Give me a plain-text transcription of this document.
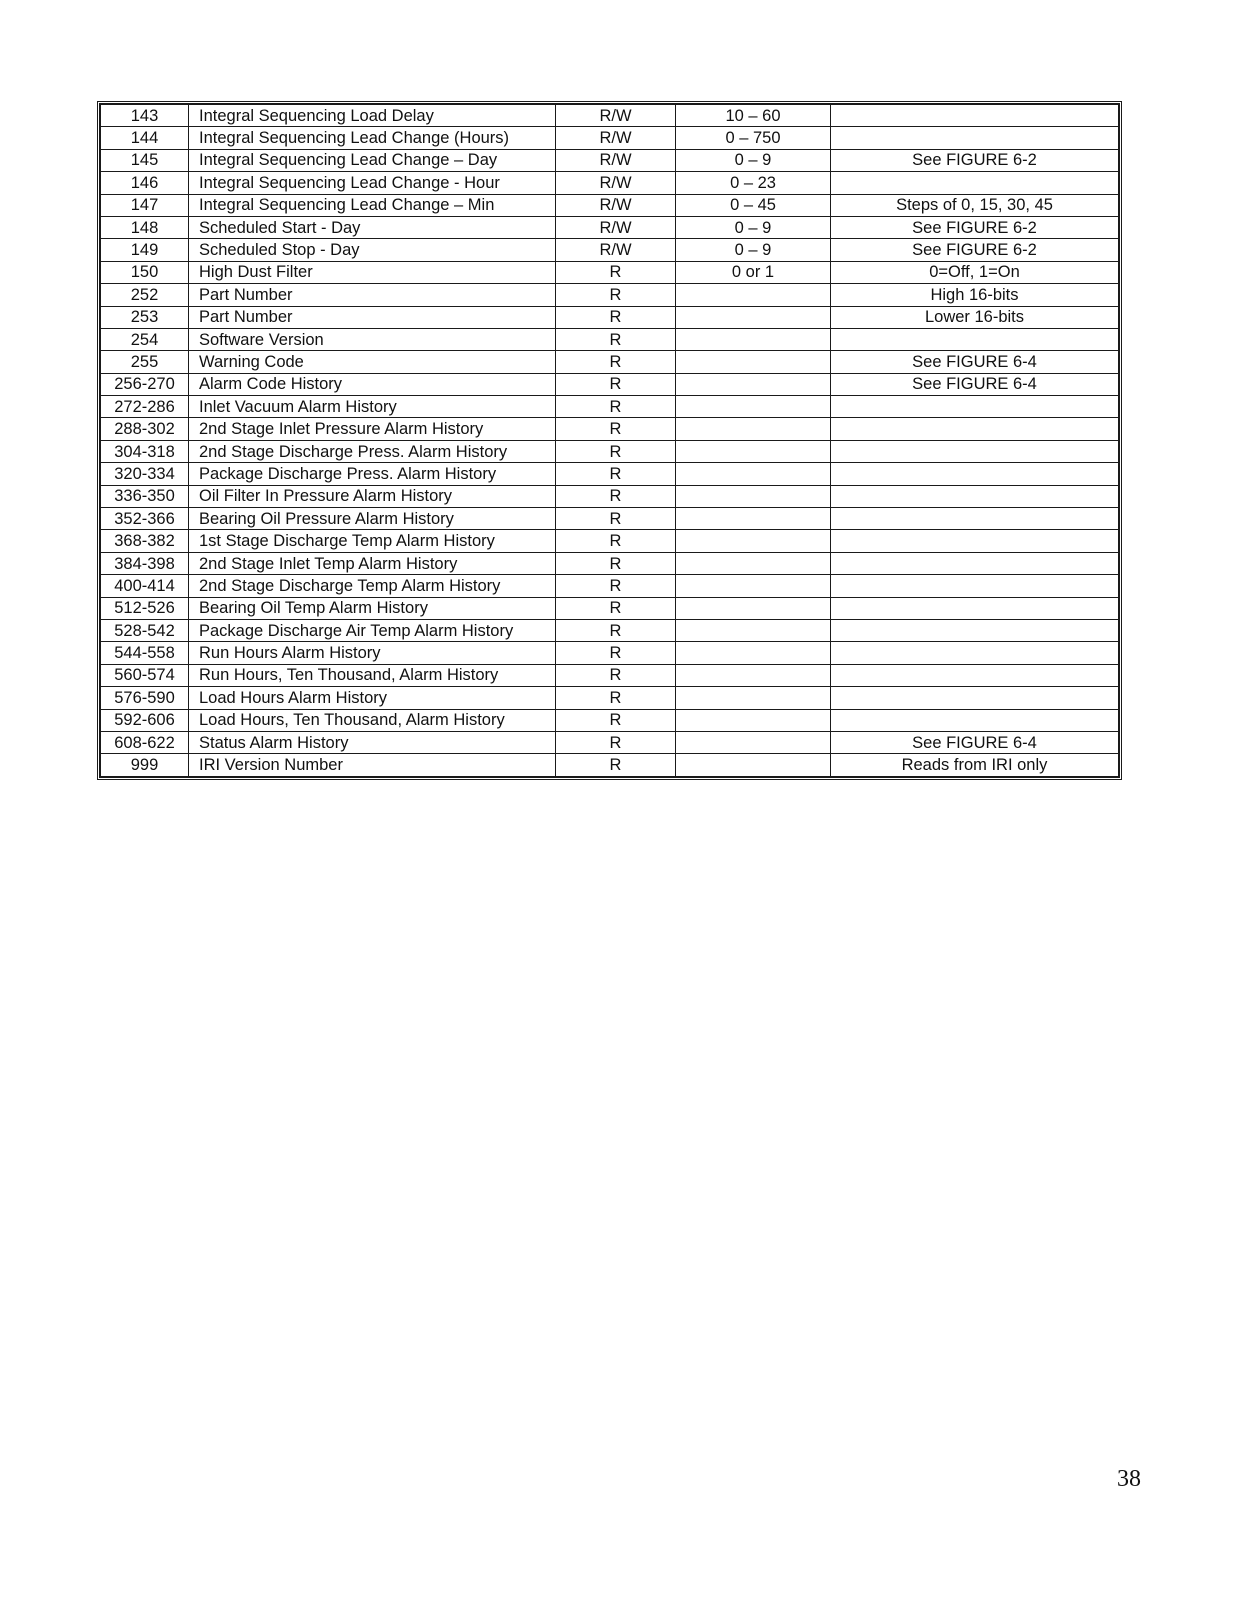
143	Integral Sequencing Load Delay	R/W	10 – 60	
144	Integral Sequencing Lead Change (Hours)	R/W	0 – 750	
145	Integral Sequencing Lead Change – Day	R/W	0 – 9	See FIGURE 6-2
146	Integral Sequencing Lead Change - Hour	R/W	0 – 23	
147	Integral Sequencing Lead Change – Min	R/W	0 – 45	Steps of 0, 15, 30, 45
148	Scheduled Start - Day	R/W	0 – 9	See FIGURE 6-2
149	Scheduled Stop - Day	R/W	0 – 9	See FIGURE 6-2
150	High Dust Filter	R	0 or 1	0=Off, 1=On
252	Part Number	R		High 16-bits
253	Part Number	R		Lower 16-bits
254	Software Version	R		
255	Warning Code	R		See FIGURE 6-4
256-270	Alarm Code History	R		See FIGURE 6-4
272-286	Inlet Vacuum Alarm History	R		
288-302	2nd Stage Inlet Pressure Alarm History	R		
304-318	2nd Stage Discharge Press. Alarm History	R		
320-334	Package Discharge Press. Alarm History	R		
336-350	Oil Filter In Pressure Alarm History	R		
352-366	Bearing Oil Pressure Alarm History	R		
368-382	1st Stage Discharge Temp Alarm History	R		
384-398	2nd Stage Inlet Temp Alarm History	R		
400-414	2nd Stage Discharge Temp Alarm History	R		
512-526	Bearing Oil Temp Alarm History	R		
528-542	Package Discharge Air Temp Alarm History	R		
544-558	Run Hours Alarm History	R		
560-574	Run Hours, Ten Thousand, Alarm History	R		
576-590	Load Hours Alarm History	R		
592-606	Load Hours, Ten Thousand, Alarm History	R		
608-622	Status Alarm History	R		See FIGURE 6-4
999	IRI Version Number	R		Reads from IRI only
38
